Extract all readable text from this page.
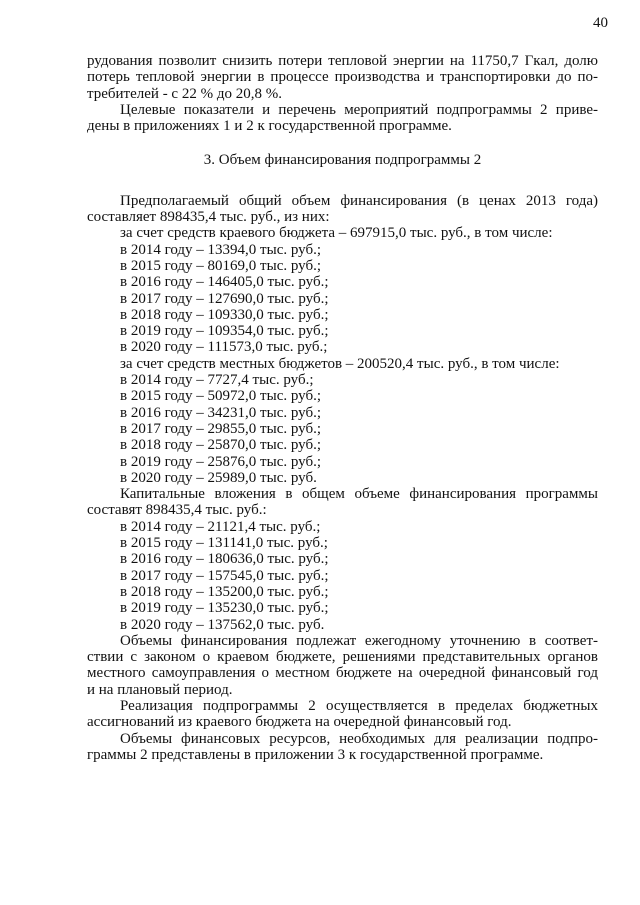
40
рудования позволит снизить потери тепловой энергии на 11750,7 Гкал, долю
потерь тепловой энергии в процессе производства и транспортировки до по-
требителей - с 22 % до 20,8 %.
Целевые показатели и перечень мероприятий подпрограммы 2 приве-
дены в приложениях 1 и 2 к государственной программе.
3. Объем финансирования подпрограммы 2
Предполагаемый общий объем финансирования (в ценах 2013 года)
составляет 898435,4 тыс. руб., из них:
за счет средств краевого бюджета – 697915,0 тыс. руб., в том числе:
в 2014 году – 13394,0 тыс. руб.;
в 2015 году – 80169,0 тыс. руб.;
в 2016 году – 146405,0 тыс. руб.;
в 2017 году – 127690,0 тыс. руб.;
в 2018 году – 109330,0 тыс. руб.;
в 2019 году – 109354,0 тыс. руб.;
в 2020 году – 111573,0 тыс. руб.;
за счет средств местных бюджетов – 200520,4 тыс. руб., в том числе:
в 2014 году – 7727,4 тыс. руб.;
в 2015 году – 50972,0 тыс. руб.;
в 2016 году – 34231,0 тыс. руб.;
в 2017 году – 29855,0 тыс. руб.;
в 2018 году – 25870,0 тыс. руб.;
в 2019 году – 25876,0 тыс. руб.;
в 2020 году – 25989,0 тыс. руб.
Капитальные вложения в общем объеме финансирования программы
составят 898435,4 тыс. руб.:
в 2014 году – 21121,4 тыс. руб.;
в 2015 году – 131141,0 тыс. руб.;
в 2016 году – 180636,0 тыс. руб.;
в 2017 году – 157545,0 тыс. руб.;
в 2018 году – 135200,0 тыс. руб.;
в 2019 году – 135230,0 тыс. руб.;
в 2020 году – 137562,0 тыс. руб.
Объемы финансирования подлежат ежегодному уточнению в соответ-
ствии с законом о краевом бюджете, решениями представительных органов
местного самоуправления о местном бюджете на очередной финансовый год
и на плановый период.
Реализация подпрограммы 2 осуществляется в пределах бюджетных
ассигнований из краевого бюджета на очередной финансовый год.
Объемы финансовых ресурсов, необходимых для реализации подпро-
граммы 2 представлены в приложении 3 к государственной программе.
